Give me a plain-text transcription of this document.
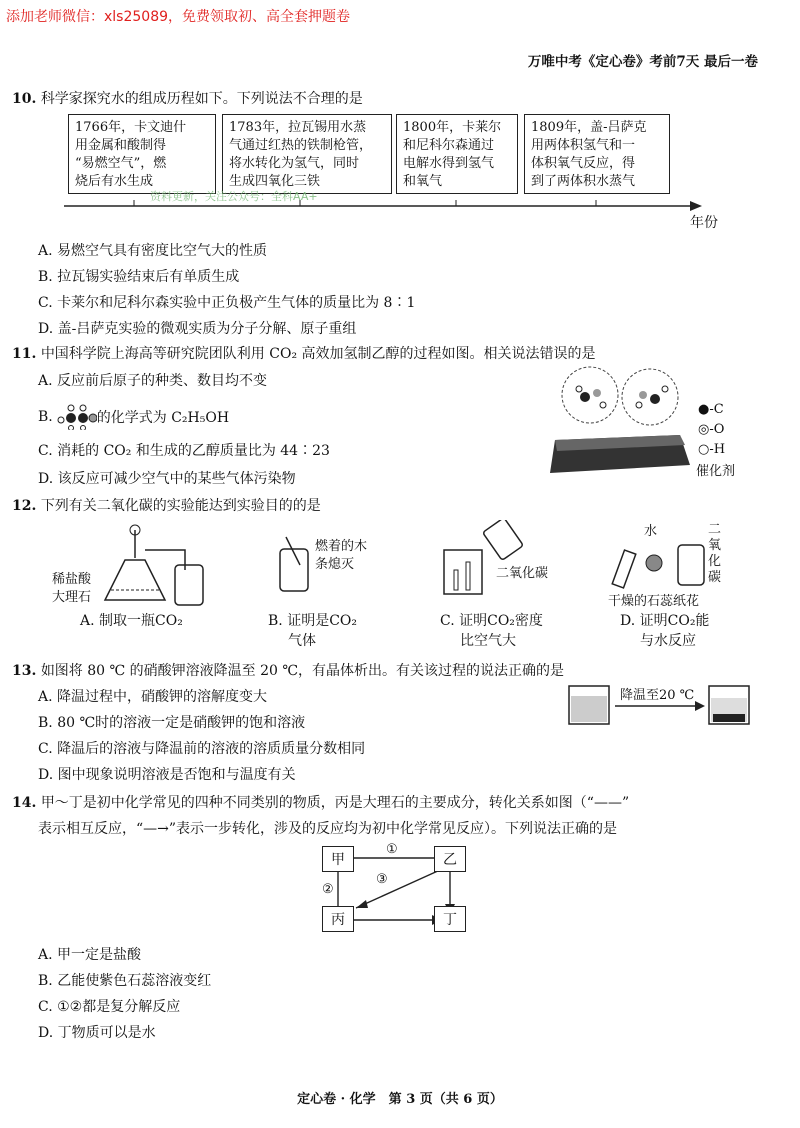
添加老师微信：xls25089，免费领取初、高全套押题卷
万唯中考《定心卷》考前7天 最后一卷
10. 科学家探究水的组成历程如下。下列说法不合理的是
1766年，卡文迪什
用金属和酸制得
“易燃空气”，燃
烧后有水生成
1783年，拉瓦锡用水蒸
气通过红热的铁制枪管，
将水转化为氢气，同时
生成四氧化三铁
1800年，卡莱尔
和尼科尔森通过
电解水得到氢气
和氧气
1809年，盖-吕萨克
用两体积氢气和一
体积氧气反应，得
到了两体积水蒸气
资料更新，关注公众号：全科AA+
年份
A. 易燃空气具有密度比空气大的性质
B. 拉瓦锡实验结束后有单质生成
C. 卡莱尔和尼科尔森实验中正负极产生气体的质量比为 8∶1
D. 盖-吕萨克实验的微观实质为分子分解、原子重组
11. 中国科学院上海高等研究院团队利用 CO₂ 高效加氢制乙醇的过程如图。相关说法错误的是
A. 反应前后原子的种类、数目均不变
B.	的化学式为 C₂H₅OH
C. 消耗的 CO₂ 和生成的乙醇质量比为 44∶23
D. 该反应可减少空气中的某些气体污染物
●-C
◎-O
○-H
催化剂
12. 下列有关二氧化碳的实验能达到实验目的的是
稀盐酸
大理石
A. 制取一瓶CO₂
燃着的木
条熄灭
B. 证明是CO₂
气体
二氧化碳
C. 证明CO₂密度
比空气大
水	二
氧
化
碳
干燥的石蕊纸花
D. 证明CO₂能
与水反应
13. 如图将 80 ℃ 的硝酸钾溶液降温至 20 ℃，有晶体析出。有关该过程的说法正确的是
A. 降温过程中，硝酸钾的溶解度变大
B. 80 ℃时的溶液一定是硝酸钾的饱和溶液
C. 降温后的溶液与降温前的溶液的溶质质量分数相同
D. 图中现象说明溶液是否饱和与温度有关
降温至20 ℃
14. 甲～丁是初中化学常见的四种不同类别的物质，丙是大理石的主要成分，转化关系如图（“——”
表示相互反应，“—→”表示一步转化，涉及的反应均为初中化学常见反应）。下列说法正确的是
甲	乙
丙	丁
①
②
③
A. 甲一定是盐酸
B. 乙能使紫色石蕊溶液变红
C. ①②都是复分解反应
D. 丁物质可以是水
定心卷 · 化学　第 3 页（共 6 页）
